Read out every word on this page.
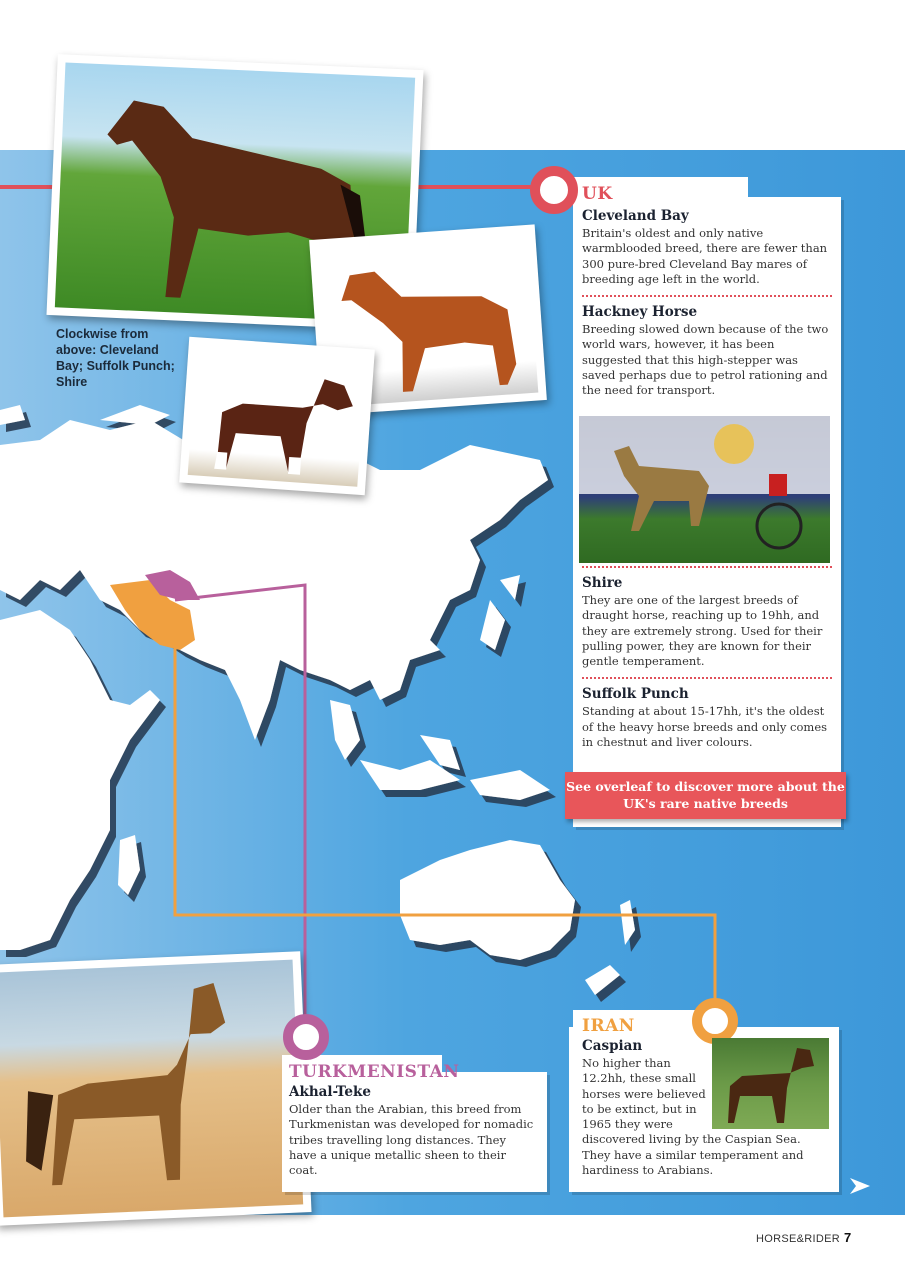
Clockwise from above: Cleveland Bay; Suffolk Punch; Shire
UK

Cleveland Bay

Britain's oldest and only native warmblooded breed, there are fewer than 300 pure-bred Cleveland Bay mares of breeding age left in the world.

Hackney Horse

Breeding slowed down because of the two world wars, however, it has been suggested that this high-stepper was saved perhaps due to petrol rationing and the need for transport.

Shire

They are one of the largest breeds of draught horse, reaching up to 19hh, and they are extremely strong. Used for their pulling power, they are known for their gentle temperament.

Suffolk Punch

Standing at about 15-17hh, it's the oldest of the heavy horse breeds and only comes in chestnut and liver colours.

See overleaf to discover more about the UK's rare native breeds
TURKMENISTAN

Akhal-Teke

Older than the Arabian, this breed from Turkmenistan was developed for nomadic tribes travelling long distances. They have a unique metallic sheen to their coat.

IRAN

Caspian

No higher than 12.2hh, these small horses were believed to be extinct, but in 1965 they were discovered living by the Caspian Sea. They have a similar temperament and hardiness to Arabians.

HORSE&RIDER 7
